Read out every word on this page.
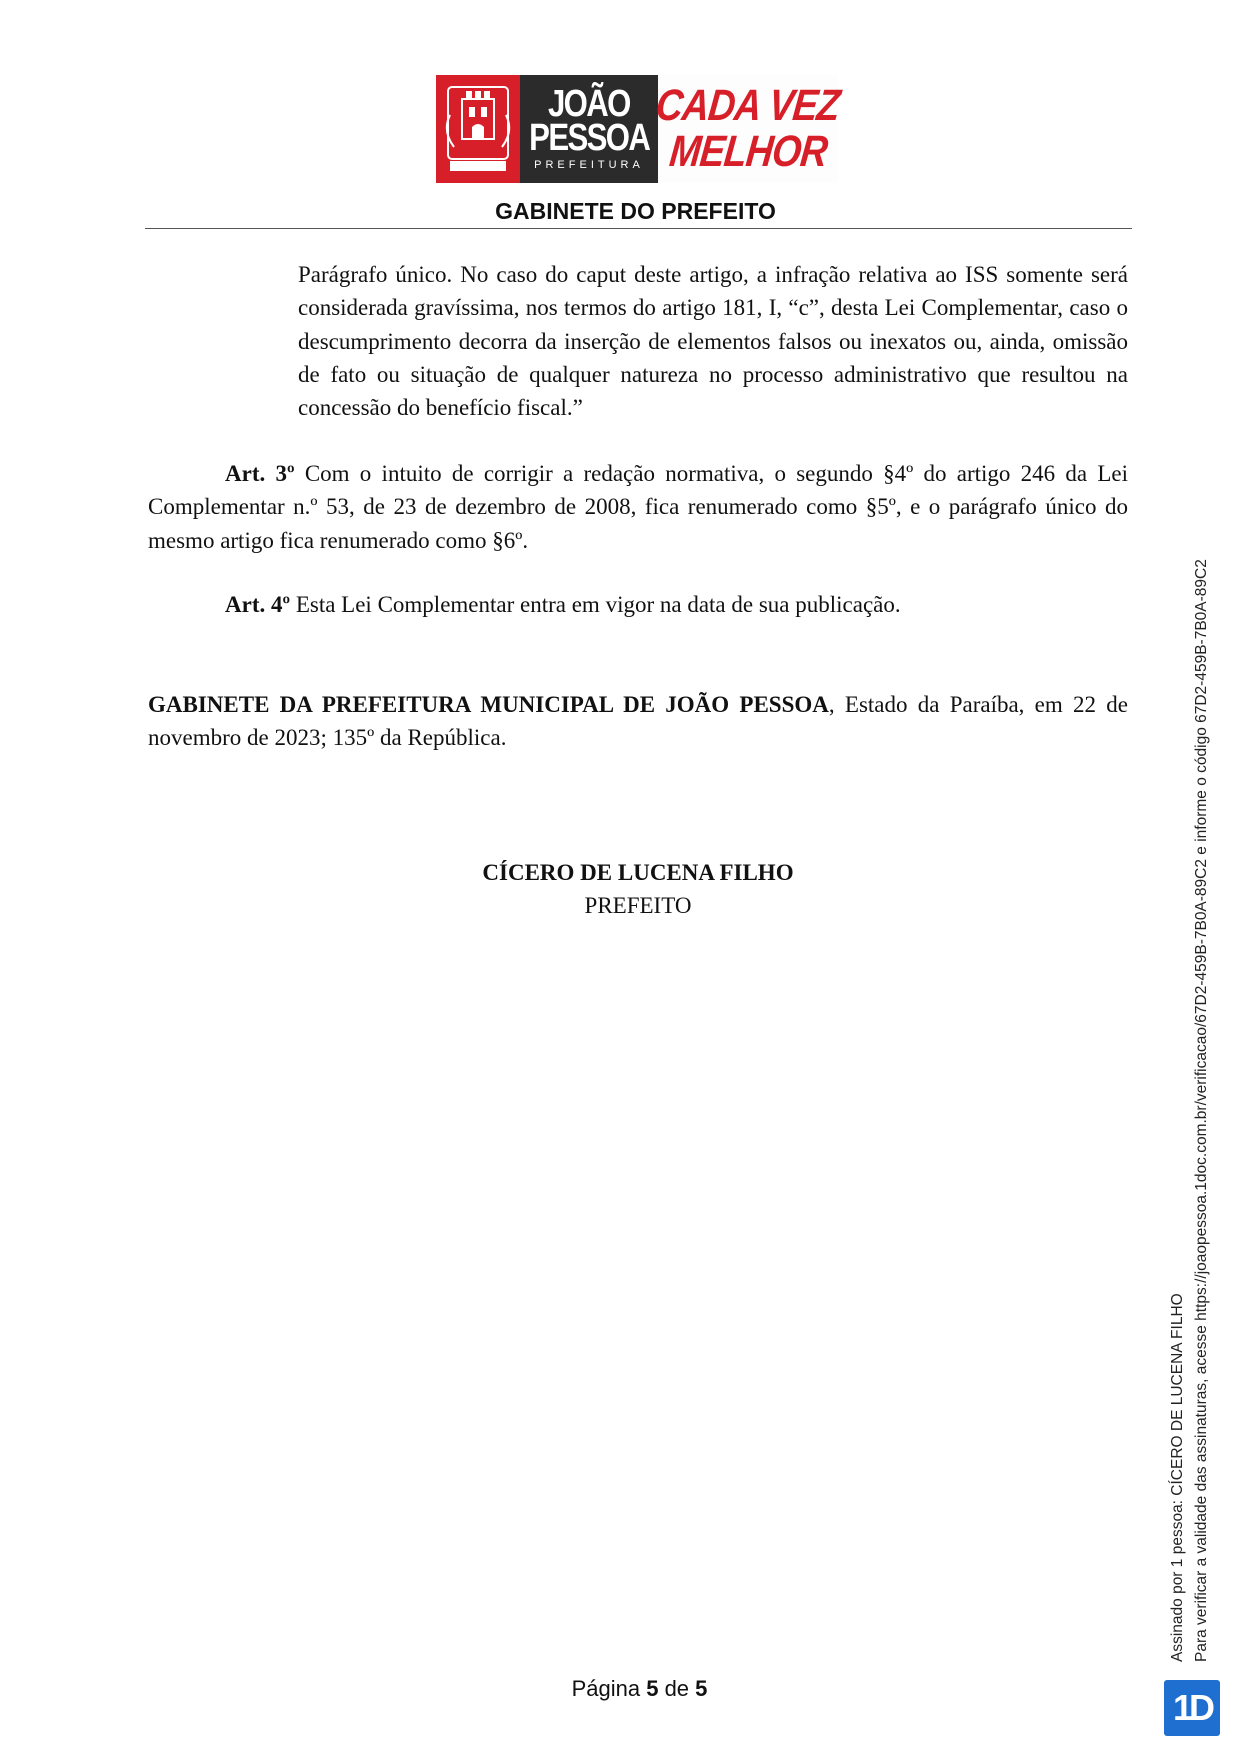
JOÃO
PESSOA
PREFEITURA
CADA VEZ
MELHOR
GABINETE DO PREFEITO

Parágrafo único. No caso do caput deste artigo, a infração relativa ao ISS somente será considerada gravíssima, nos termos do artigo 181, I, “c”, desta Lei Complementar, caso o descumprimento decorra da inserção de elementos falsos ou inexatos ou, ainda, omissão de fato ou situação de qualquer natureza no processo administrativo que resultou na concessão do benefício fiscal.”

Art. 3º Com o intuito de corrigir a redação normativa, o segundo §4º do artigo 246 da Lei Complementar n.º 53, de 23 de dezembro de 2008, fica renumerado como §5º, e o parágrafo único do mesmo artigo fica renumerado como §6º.

Art. 4º Esta Lei Complementar entra em vigor na data de sua publicação.

GABINETE DA PREFEITURA MUNICIPAL DE JOÃO PESSOA, Estado da Paraíba, em 22 de novembro de 2023; 135º da República.

CÍCERO DE LUCENA FILHO
PREFEITO
Página 5 de 5
Assinado por 1 pessoa: CÍCERO DE LUCENA FILHO Para verificar a validade das assinaturas, acesse https://joaopessoa.1doc.com.br/verificacao/67D2-459B-7B0A-89C2 e informe o código 67D2-459B-7B0A-89C2
1D
